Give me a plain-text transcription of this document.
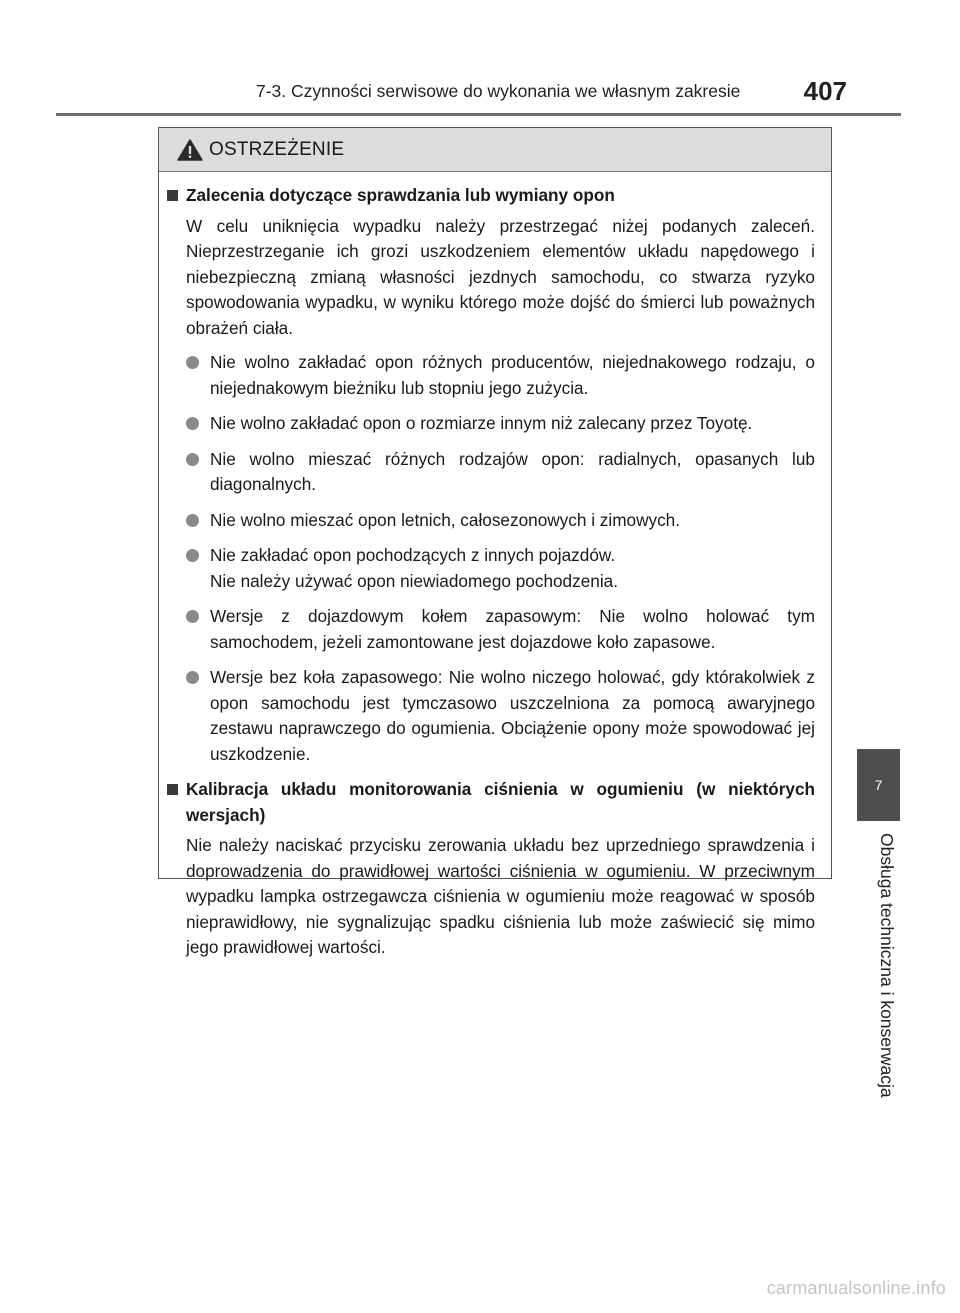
7-3. Czynności serwisowe do wykonania we własnym zakresie 407
7
Obsługa techniczna i konserwacja
OSTRZEŻENIE
Zalecenia dotyczące sprawdzania lub wymiany opon
W celu uniknięcia wypadku należy przestrzegać niżej podanych zaleceń. Nieprzestrzeganie ich grozi uszkodzeniem elementów układu napędowego i niebezpieczną zmianą własności jezdnych samochodu, co stwarza ryzyko spowodowania wypadku, w wyniku którego może dojść do śmierci lub poważnych obrażeń ciała.
Nie wolno zakładać opon różnych producentów, niejednakowego rodzaju, o niejednakowym bieżniku lub stopniu jego zużycia.
Nie wolno zakładać opon o rozmiarze innym niż zalecany przez Toyotę.
Nie wolno mieszać różnych rodzajów opon: radialnych, opasanych lub diagonalnych.
Nie wolno mieszać opon letnich, całosezonowych i zimowych.
Nie zakładać opon pochodzących z innych pojazdów.
Nie należy używać opon niewiadomego pochodzenia.
Wersje z dojazdowym kołem zapasowym: Nie wolno holować tym samochodem, jeżeli zamontowane jest dojazdowe koło zapasowe.
Wersje bez koła zapasowego: Nie wolno niczego holować, gdy którakolwiek z opon samochodu jest tymczasowo uszczelniona za pomocą awaryjnego zestawu naprawczego do ogumienia. Obciążenie opony może spowodować jej uszkodzenie.
Kalibracja układu monitorowania ciśnienia w ogumieniu (w niektórych wersjach)
Nie należy naciskać przycisku zerowania układu bez uprzedniego sprawdzenia i doprowadzenia do prawidłowej wartości ciśnienia w ogumieniu. W przeciwnym wypadku lampka ostrzegawcza ciśnienia w ogumieniu może reagować w sposób nieprawidłowy, nie sygnalizując spadku ciśnienia lub może zaświecić się mimo jego prawidłowej wartości.
carmanualsonline.info
